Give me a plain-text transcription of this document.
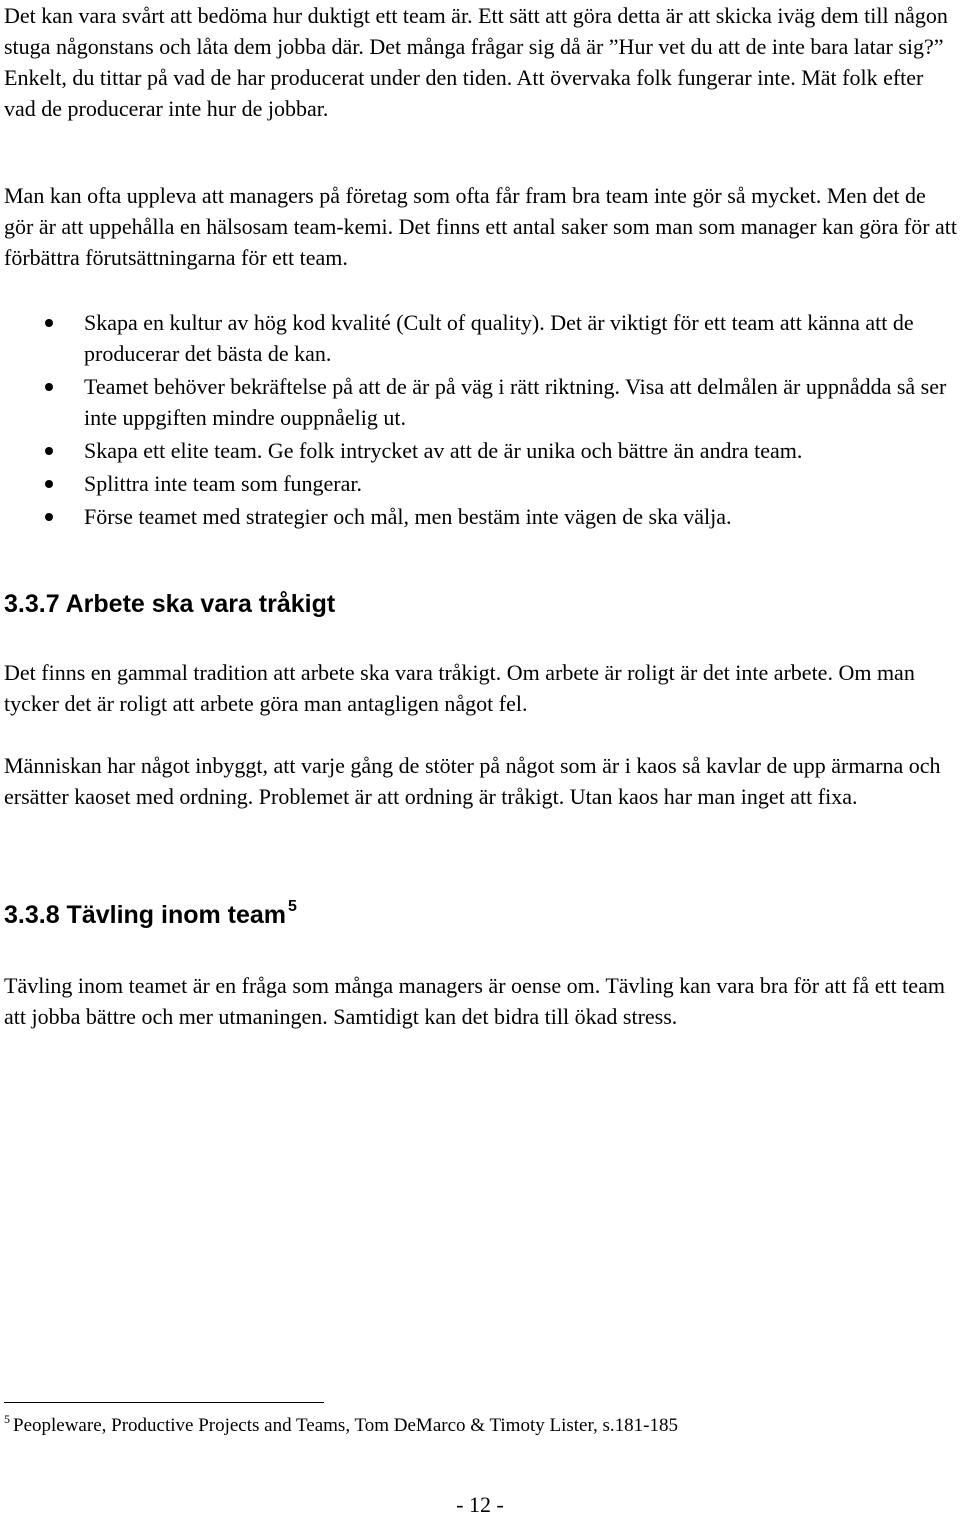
Det kan vara svårt att bedöma hur duktigt ett team är. Ett sätt att göra detta är att skicka iväg dem till någon stuga någonstans och låta dem jobba där. Det många frågar sig då är ”Hur vet du att de inte bara latar sig?” Enkelt, du tittar på vad de har producerat under den tiden. Att övervaka folk fungerar inte. Mät folk efter vad de producerar inte hur de jobbar.

Man kan ofta uppleva att managers på företag som ofta får fram bra team inte gör så mycket. Men det de gör är att uppehålla en hälsosam team-kemi. Det finns ett antal saker som man som manager kan göra för att förbättra förutsättningarna för ett team.

Skapa en kultur av hög kod kvalité (Cult of quality). Det är viktigt för ett team att känna att de producerar det bästa de kan.
Teamet behöver bekräftelse på att de är på väg i rätt riktning. Visa att delmålen är uppnådda så ser inte uppgiften mindre ouppnåelig ut.
Skapa ett elite team. Ge folk intrycket av att de är unika och bättre än andra team.
Splittra inte team som fungerar.
Förse teamet med strategier och mål, men bestäm inte vägen de ska välja.
3.3.7 Arbete ska vara tråkigt

Det finns en gammal tradition att arbete ska vara tråkigt. Om arbete är roligt är det inte arbete. Om man tycker det är roligt att arbete göra man antagligen något fel.

Människan har något inbyggt, att varje gång de stöter på något som är i kaos så kavlar de upp ärmarna och ersätter kaoset med ordning. Problemet är att ordning är tråkigt. Utan kaos har man inget att fixa.

3.3.8 Tävling inom team $^5$

Tävling inom teamet är en fråga som många managers är oense om. Tävling kan vara bra för att få ett team att jobba bättre och mer utmaningen. Samtidigt kan det bidra till ökad stress.

$^5$ Peopleware, Productive Projects and Teams, Tom DeMarco & Timoty Lister, s.181-185
- 12 -
